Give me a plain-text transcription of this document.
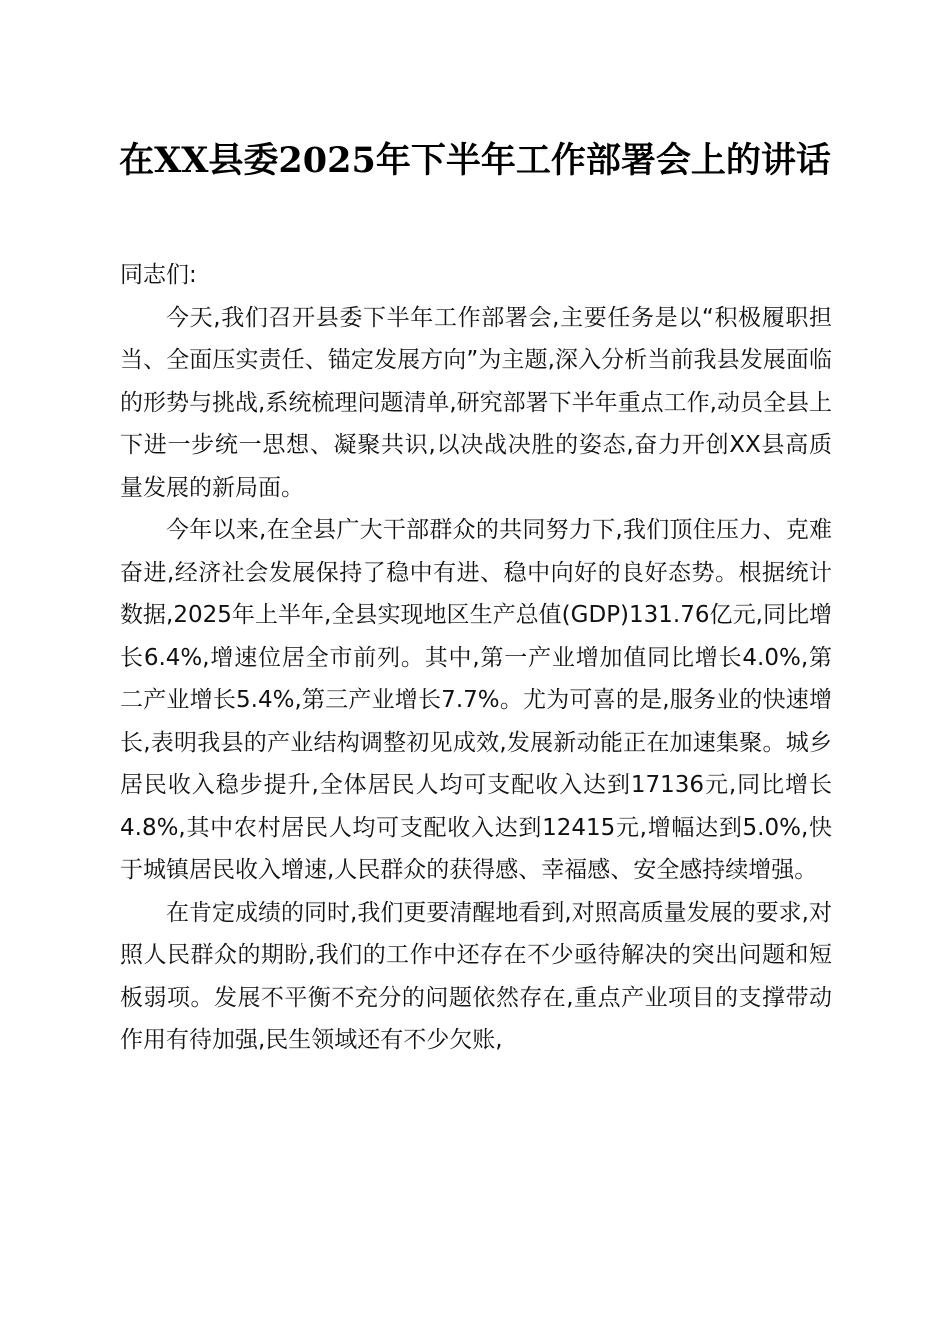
在XX县委2025年下半年工作部署会上的讲话

同志们:

今天,我们召开县委下半年工作部署会,主要任务是以“积极履职担当、全面压实责任、锚定发展方向”为主题,深入分析当前我县发展面临的形势与挑战,系统梳理问题清单,研究部署下半年重点工作,动员全县上下进一步统一思想、凝聚共识,以决战决胜的姿态,奋力开创XX县高质量发展的新局面。

今年以来,在全县广大干部群众的共同努力下,我们顶住压力、克难奋进,经济社会发展保持了稳中有进、稳中向好的良好态势。根据统计数据,2025年上半年,全县实现地区生产总值(GDP)131.76亿元,同比增长6.4%,增速位居全市前列。其中,第一产业增加值同比增长4.0%,第二产业增长5.4%,第三产业增长7.7%。尤为可喜的是,服务业的快速增长,表明我县的产业结构调整初见成效,发展新动能正在加速集聚。城乡居民收入稳步提升,全体居民人均可支配收入达到17136元,同比增长4.8%,其中农村居民人均可支配收入达到12415元,增幅达到5.0%,快于城镇居民收入增速,人民群众的获得感、幸福感、安全感持续增强。

在肯定成绩的同时,我们更要清醒地看到,对照高质量发展的要求,对照人民群众的期盼,我们的工作中还存在不少亟待解决的突出问题和短板弱项。发展不平衡不充分的问题依然存在,重点产业项目的支撑带动作用有待加强,民生领域还有不少欠账,
